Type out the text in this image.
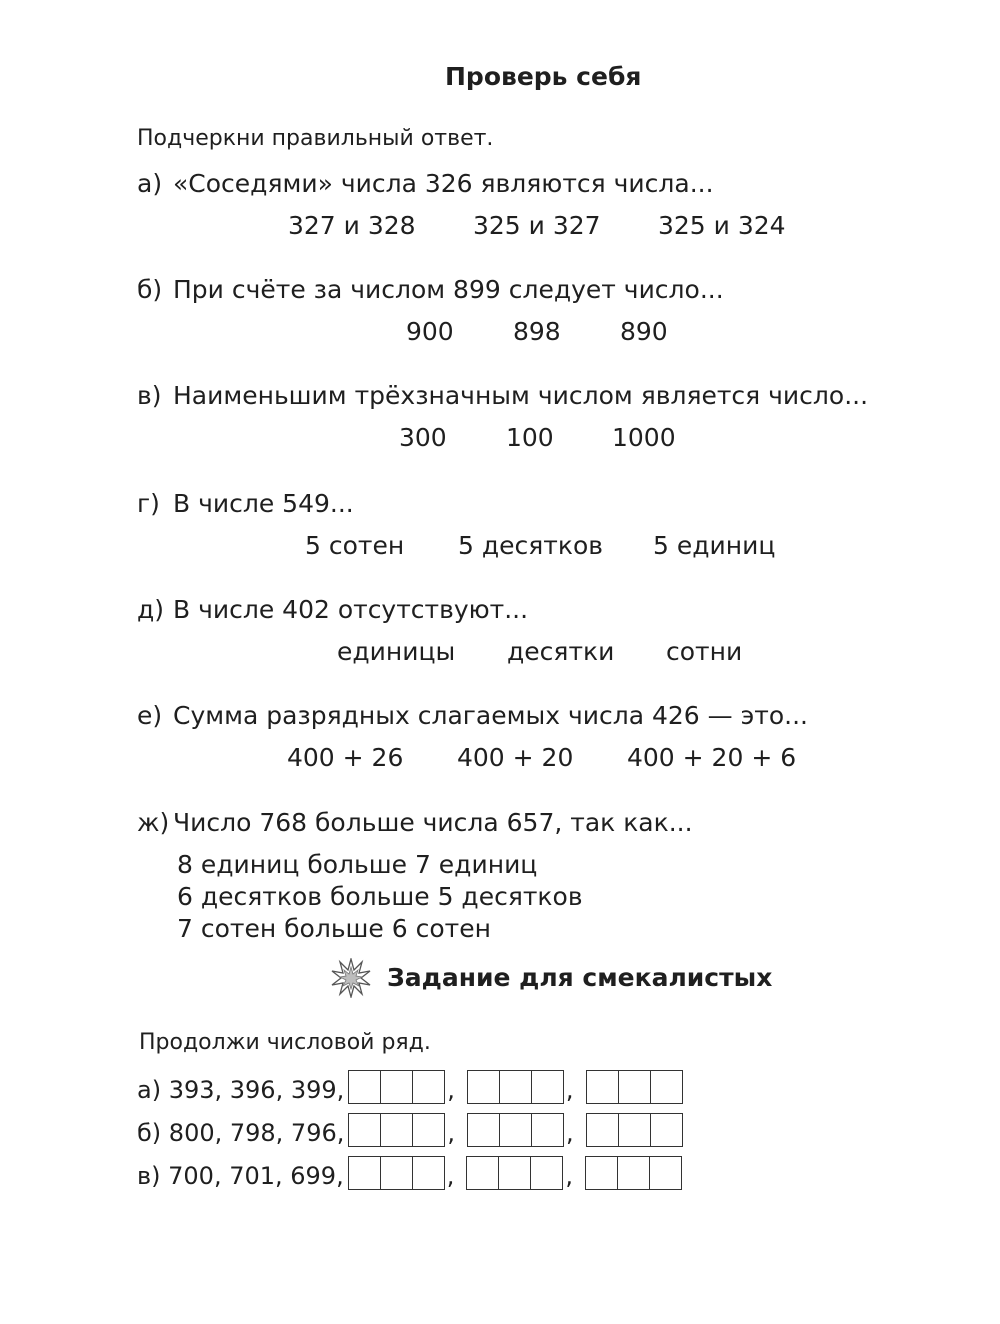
Проверь себя
Подчеркни правильный ответ.
а) «Соседями» числа 326 являются числа...
327 и 328 325 и 327 325 и 324
б) При счёте за числом 899 следует число...
900 898 890
в) Наименьшим трёхзначным числом является число...
300 100 1000
г) В числе 549...
5 сотен 5 десятков 5 единиц
д) В числе 402 отсутствуют...
единицы десятки сотни
е) Сумма разрядных слагаемых числа 426 — это...
400 + 26 400 + 20 400 + 20 + 6
ж) Число 768 больше числа 657, так как...
8 единиц больше 7 единиц
6 десятков больше 5 десятков
7 сотен больше 6 сотен
Задание для смекалистых
Продолжи числовой ряд.
а) 393, 396, 399,	,	,
б) 800, 798, 796,	,	,
в) 700, 701, 699,	,	,
